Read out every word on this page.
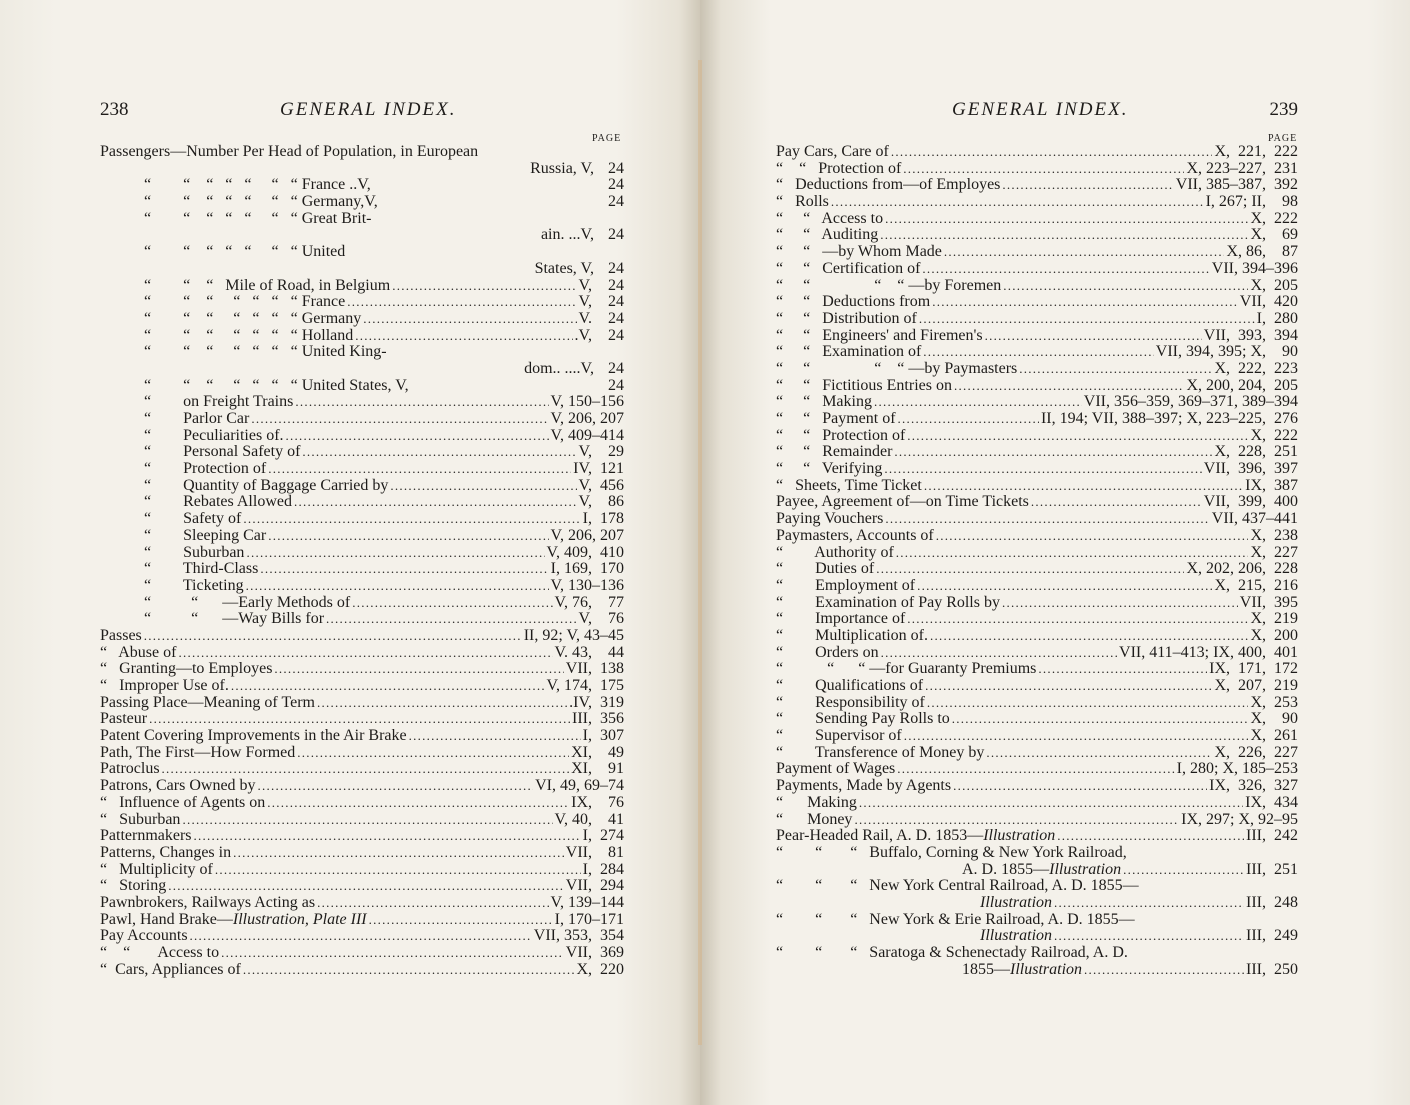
238	GENERAL INDEX.
PAGE
Passengers—Number Per Head of Population, in European
Russia, V, 24
“        “    “   “   “     “   “ France ..V,	24
“        “    “   “   “     “   “ Germany,V,	24
“        “    “   “   “     “   “ Great Brit-
ain. ...V, 24
“        “    “   “   “     “   “ United
States, V, 24
“        “    “   Mile of Road, in Belgium . . .	V,    24
“        “    “     “   “   “   “ France . . .	V,    24
“        “    “     “   “   “   “ Germany . . .	V.    24
“        “    “     “   “   “   “ Holland . . .	.V,    24
“        “    “     “   “   “   “ United King-
dom.. ....V, 24
“        “    “     “   “   “   “ United States, V,	24
“        on Freight Trains . . .	V, 150–156
“        Parlor Car . . .	V, 206, 207
“        Peculiarities of. . . .	V, 409–414
“        Personal Safety of . . .	V,    29
“        Protection of . . .	IV,  121
“        Quantity of Baggage Carried by . . .	V,  456
“        Rebates Allowed . . .	V,    86
“        Safety of . . .	I,  178
“        Sleeping Car . . .	V, 206, 207
“        Suburban . . .	V, 409,  410
“        Third-Class . . .	I, 169,  170
“        Ticketing . . .	V, 130–136
“          “      —Early Methods of . . .	V, 76,    77
“          “      —Way Bills for . . .	V,    76
Passes . . .	II, 92; V, 43–45
“   Abuse of . . .	V. 43,    44
“   Granting—to Employes . . .	VII,  138
“   Improper Use of. . . .	V, 174,  175
Passing Place—Meaning of Term . . .	.IV,  319
Pasteur . . .	III,  356
Patent Covering Improvements in the Air Brake . . .	I,  307
Path, The First—How Formed . . .	XI,    49
Patroclus . . .	XI,    91
Patrons, Cars Owned by . . .	VI, 49, 69–74
“   Influence of Agents on . . .	IX,    76
“   Suburban . . .	V, 40,    41
Patternmakers . . .	I,  274
Patterns, Changes in . . .	VII,    81
“   Multiplicity of . . .	I,  284
“   Storing . . .	VII,  294
Pawnbrokers, Railways Acting as . . .	V, 139–144
Pawl, Hand Brake—Illustration, Plate III . . .	I, 170–171
Pay Accounts . . .	VII, 353,  354
“    “       Access to . . .	VII,  369
“  Cars, Appliances of . . .	X,  220
GENERAL INDEX.	239
PAGE
Pay Cars, Care of . . .	X,  221,  222
“    “   Protection of . . .	X, 223–227,  231
“   Deductions from—of Employes . . .	VII, 385–387,  392
“   Rolls . . .	I, 267; II,    98
“     “   Access to . . .	X,  222
“     “   Auditing . . .	X,    69
“     “   —by Whom Made . . .	X, 86,    87
“     “   Certification of . . .	VII, 394–396
“     “                “    “ —by Foremen . . .	X,  205
“     “   Deductions from . . .	VII,  420
“     “   Distribution of . . .	I,  280
“     “   Engineers' and Firemen's . . .	VII,  393,  394
“     “   Examination of . . .	VII, 394, 395; X,    90
“     “                “    “ —by Paymasters . . .	X,  222,  223
“     “   Fictitious Entries on . . .	X, 200, 204,  205
“     “   Making . . .	VII, 356–359, 369–371, 389–394
“     “   Payment of . . .	II, 194; VII, 388–397; X, 223–225,  276
“     “   Protection of . . .	X,  222
“     “   Remainder . . .	X,  228,  251
“     “   Verifying . . .	VII,  396,  397
“   Sheets, Time Ticket . . .	IX,  387
Payee, Agreement of—on Time Tickets . . .	VII,  399,  400
Paying Vouchers . . .	VII, 437–441
Paymasters, Accounts of . . .	X,  238
“        Authority of . . .	X,  227
“        Duties of . . .	X, 202, 206,  228
“        Employment of . . .	X,  215,  216
“        Examination of Pay Rolls by . . .	VII,  395
“        Importance of . . .	X,  219
“        Multiplication of. . . .	X,  200
“        Orders on . . .	VII, 411–413; IX, 400,  401
“           “      “ —for Guaranty Premiums . . .	IX,  171,  172
“        Qualifications of . . .	X,  207,  219
“        Responsibility of . . .	X,  253
“        Sending Pay Rolls to . . .	X,    90
“        Supervisor of . . .	X,  261
“        Transference of Money by . . .	X,  226,  227
Payment of Wages . . .	I, 280; X, 185–253
Payments, Made by Agents . . .	IX,  326,  327
“      Making . . .	IX,  434
“      Money . . .	IX, 297; X, 92–95
Pear-Headed Rail, A. D. 1853—Illustration . . .	III,  242
“        “       “   Buffalo, Corning & New York Railroad,
A. D. 1855—Illustration . . .	III,  251
“        “       “   New York Central Railroad, A. D. 1855—
Illustration . . .	III,  248
“        “       “   New York & Erie Railroad, A. D. 1855—
Illustration . . .	III,  249
“        “       “   Saratoga & Schenectady Railroad, A. D.
1855—Illustration . . .	III,  250
